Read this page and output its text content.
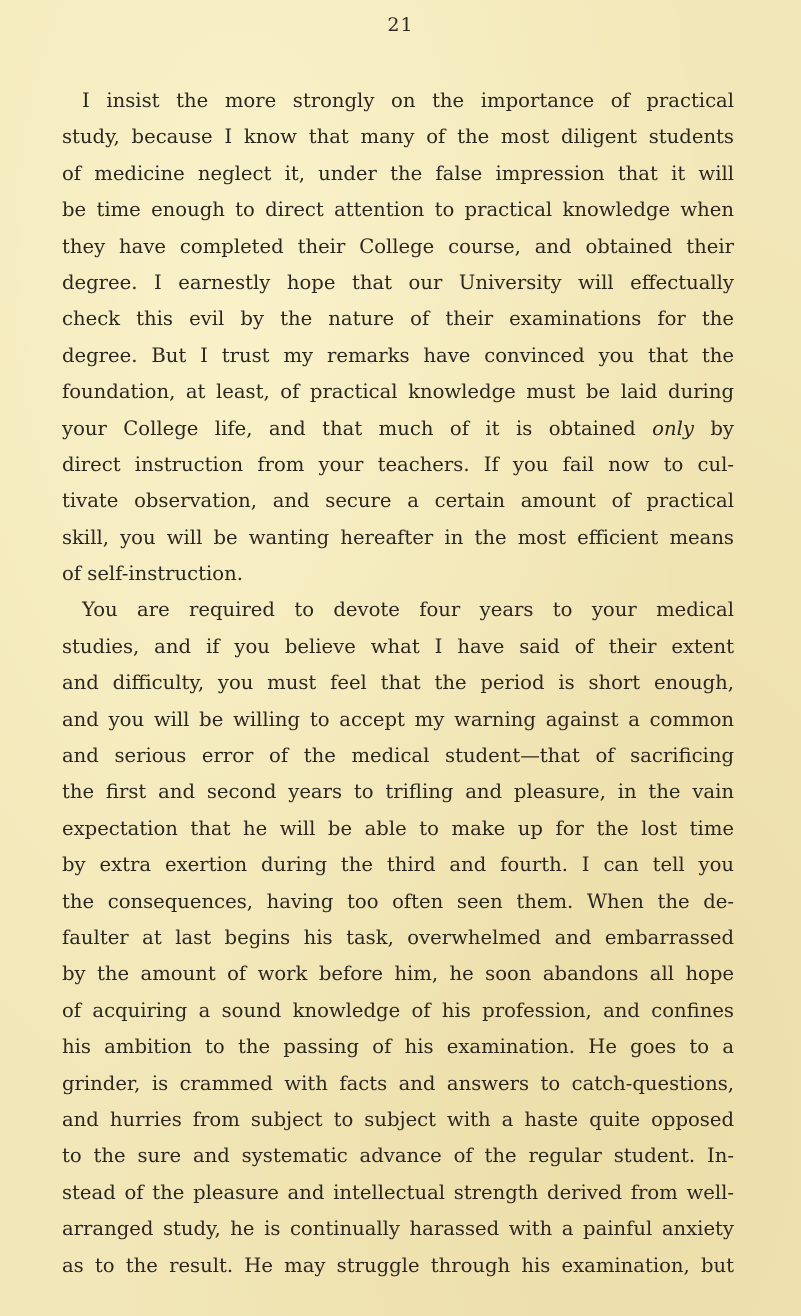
21
I insist the more strongly on the importance of practical
study, because I know that many of the most diligent students
of medicine neglect it, under the false impression that it will
be time enough to direct attention to practical knowledge when
they have completed their College course, and obtained their
degree. I earnestly hope that our University will effectually
check this evil by the nature of their examinations for the
degree. But I trust my remarks have convinced you that the
foundation, at least, of practical knowledge must be laid during
your College life, and that much of it is obtained only by
direct instruction from your teachers. If you fail now to cul-
tivate observation, and secure a certain amount of practical
skill, you will be wanting hereafter in the most efficient means
of self-instruction.
You are required to devote four years to your medical
studies, and if you believe what I have said of their extent
and difficulty, you must feel that the period is short enough,
and you will be willing to accept my warning against a common
and serious error of the medical student—that of sacrificing
the first and second years to trifling and pleasure, in the vain
expectation that he will be able to make up for the lost time
by extra exertion during the third and fourth. I can tell you
the consequences, having too often seen them. When the de-
faulter at last begins his task, overwhelmed and embarrassed
by the amount of work before him, he soon abandons all hope
of acquiring a sound knowledge of his profession, and confines
his ambition to the passing of his examination. He goes to a
grinder, is crammed with facts and answers to catch-questions,
and hurries from subject to subject with a haste quite opposed
to the sure and systematic advance of the regular student. In-
stead of the pleasure and intellectual strength derived from well-
arranged study, he is continually harassed with a painful anxiety
as to the result. He may struggle through his examination, but
